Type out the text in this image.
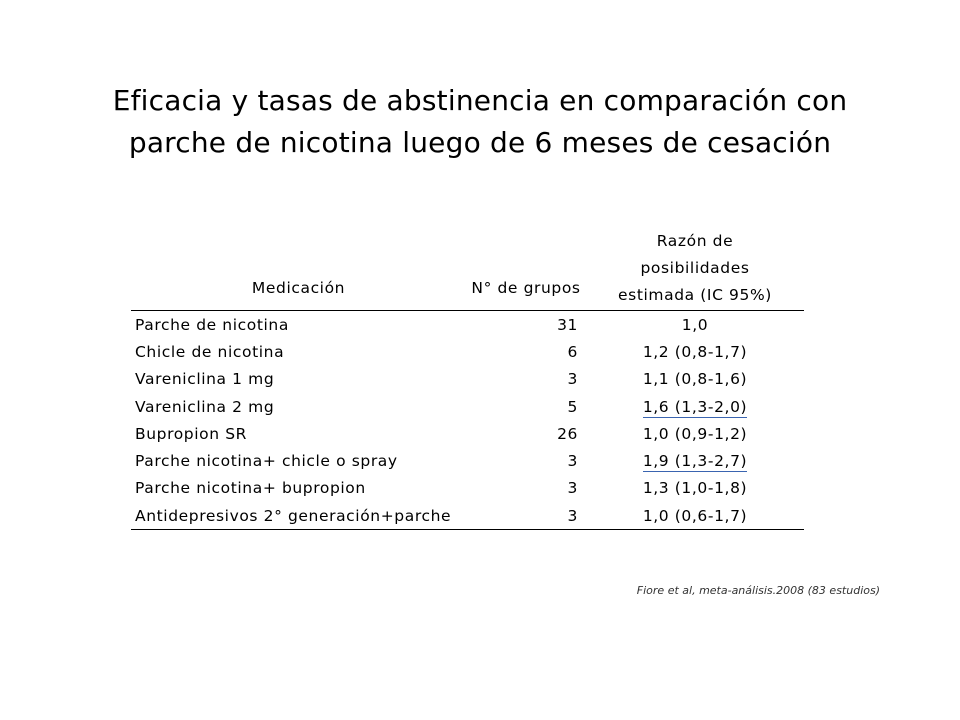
Eficacia y tasas de abstinencia en comparación con
parche de nicotina luego de 6 meses de cesación
Medicación	N° de grupos	Razón de
posibilidades
estimada (IC 95%)

Parche de nicotina	31	1,0
Chicle de nicotina	6	1,2 (0,8-1,7)
Vareniclina 1 mg	3	1,1 (0,8-1,6)
Vareniclina 2 mg	5	1,6 (1,3-2,0)
Bupropion SR	26	1,0 (0,9-1,2)
Parche nicotina+ chicle o spray	3	1,9 (1,3-2,7)
Parche nicotina+ bupropion	3	1,3 (1,0-1,8)
Antidepresivos 2° generación+parche	3	1,0 (0,6-1,7)
Fiore et al, meta-análisis.2008 (83 estudios)
